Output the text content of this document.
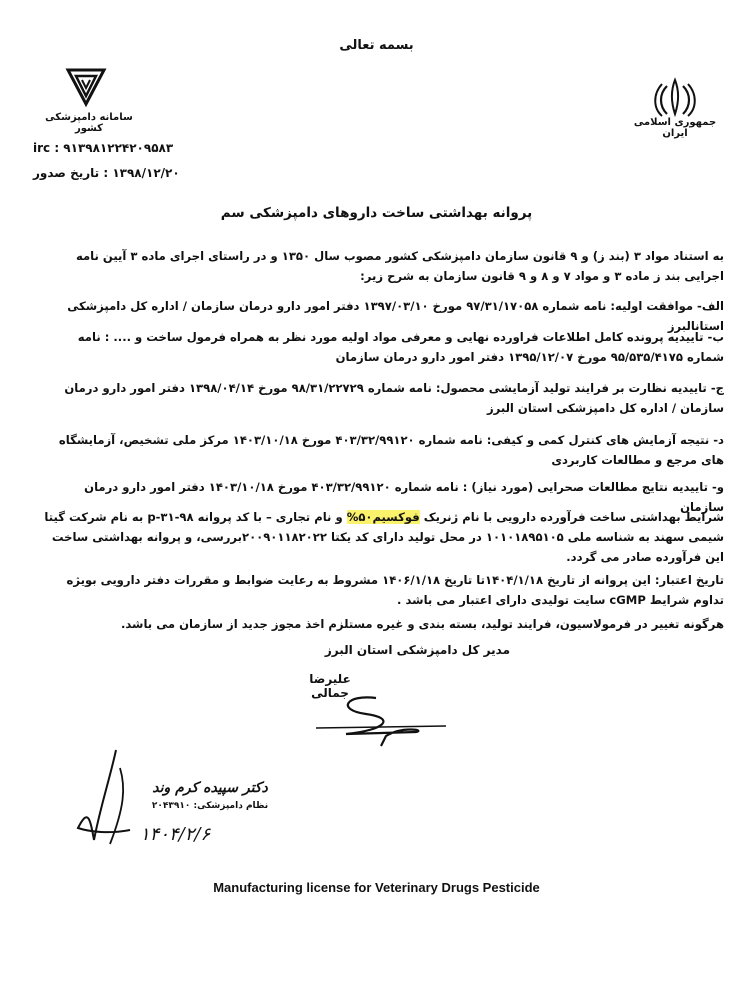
بسمه تعالی
سامانه دامپزشکی کشور
irc : ۹۱۳۹۸۱۲۲۴۲۰۹۵۸۳
۱۳۹۸/۱۲/۲۰ : تاریخ صدور
جمهوری اسلامی ایران
پروانه بهداشتی ساخت داروهای دامپزشکی سم
به استناد مواد ۳ (بند ز) و ۹ قانون سازمان دامپزشکی کشور مصوب سال ۱۳۵۰ و در راستای اجرای ماده ۳ آیین نامه اجرایی بند ز ماده ۳ و مواد ۷ و ۸ و ۹ قانون سازمان به شرح زیر:
الف- موافقت اولیه: نامه شماره ۹۷/۳۱/۱۷۰۵۸ مورخ ۱۳۹۷/۰۳/۱۰ دفتر امور دارو درمان سازمان / اداره کل دامپزشکی استانالبرز
ب- تاییدیه پرونده کامل اطلاعات فراورده نهایی و معرفی مواد اولیه مورد نظر به همراه فرمول ساخت و .... : نامه شماره ۹۵/۵۳۵/۴۱۷۵ مورخ ۱۳۹۵/۱۲/۰۷ دفتر امور دارو درمان سازمان
ج- تاییدیه نظارت بر فرایند تولید آزمایشی محصول: نامه شماره ۹۸/۳۱/۲۲۷۲۹ مورخ ۱۳۹۸/۰۴/۱۴ دفتر امور دارو درمان سازمان / اداره کل دامپزشکی استان البرز
د- نتیجه آزمایش های کنترل کمی و کیفی: نامه شماره ۴۰۳/۳۲/۹۹۱۲۰ مورخ ۱۴۰۳/۱۰/۱۸ مرکز ملی تشخیص، آزمایشگاه های مرجع و مطالعات کاربردی
و- تاییدیه نتایج مطالعات صحرایی (مورد نیاز) : نامه شماره ۴۰۳/۳۲/۹۹۱۲۰ مورخ ۱۴۰۳/۱۰/۱۸ دفتر امور دارو درمان سازمان
شرایط بهداشتی ساخت فرآورده دارویی با نام ژنریک فوکسیم۵۰% و نام تجاری – با کد پروانه p-۳۱-۹۸ به نام شرکت گیتا شیمی سهند به شناسه ملی ۱۰۱۰۱۸۹۵۱۰۵ در محل تولید دارای کد یکتا ۲۰۰۹۰۱۱۸۲۰۲۲بررسی، و پروانه بهداشتی ساخت این فرآورده صادر می گردد.
تاریخ اعتبار: این پروانه از تاریخ ۱۴۰۴/۱/۱۸تا تاریخ ۱۴۰۶/۱/۱۸ مشروط به رعایت ضوابط و مقررات دفتر دارویی بویژه تداوم شرایط cGMP سایت تولیدی دارای اعتبار می باشد .
هرگونه تغییر در فرمولاسیون، فرایند تولید، بسته بندی و غیره مستلزم اخذ مجوز جدید از سازمان می باشد.
مدیر کل دامپزشکی استان البرز
علیرضا جمالی
دکتر سپیده کرم وند
نظام دامپزشکی: ۲۰۴۳۹۱۰
۱۴۰۴/۲/۶
Manufacturing license for Veterinary Drugs Pesticide
